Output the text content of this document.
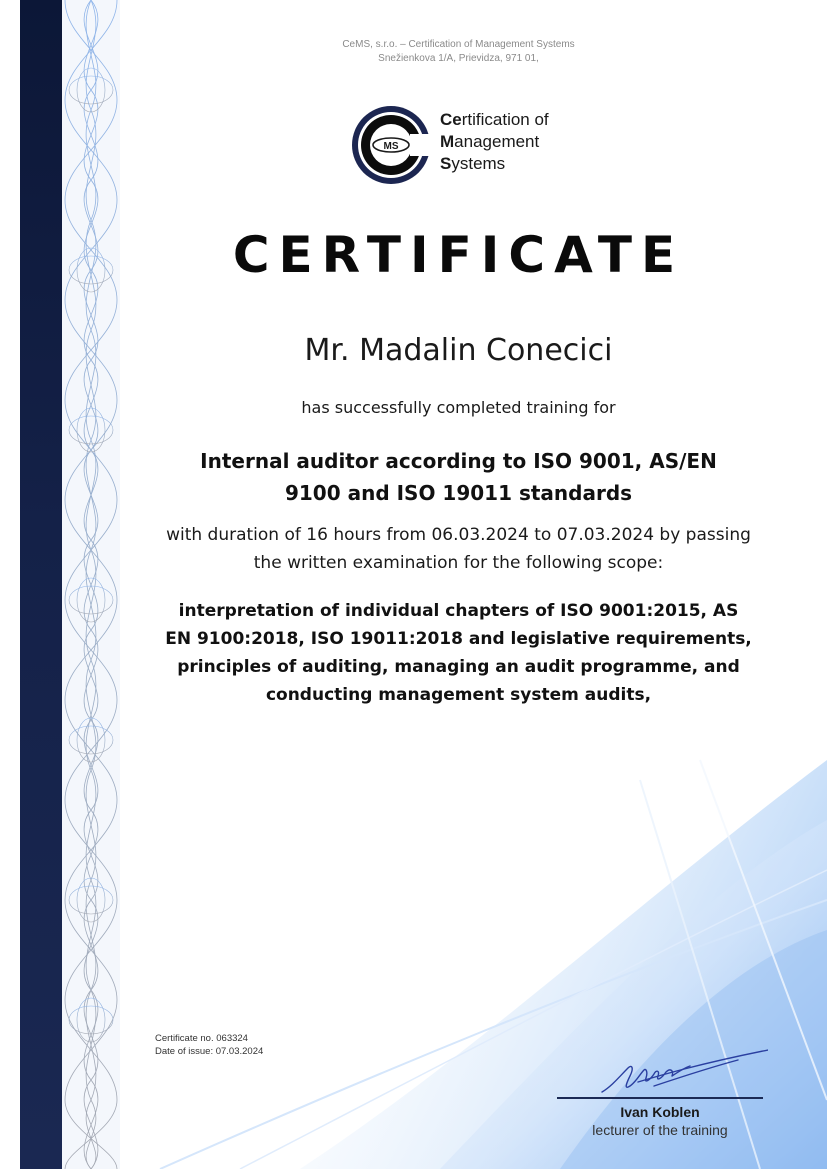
CeMS, s.r.o. – Certification of Management Systems
Snežienkova 1/A, Prievidza, 971 01,
MS
Certification of
Management
Systems
CERTIFICATE
Mr. Madalin Conecici
has successfully completed training for
Internal auditor according to ISO 9001, AS/EN
9100 and ISO 19011 standards
with duration of 16 hours from 06.03.2024 to 07.03.2024 by passing
the written examination for the following scope:
interpretation of individual chapters of ISO 9001:2015, AS
EN 9100:2018, ISO 19011:2018 and legislative requirements,
principles of auditing, managing an audit programme, and
conducting management system audits,
Certificate no. 063324
Date of issue: 07.03.2024
Ivan Koblen
lecturer of the training
